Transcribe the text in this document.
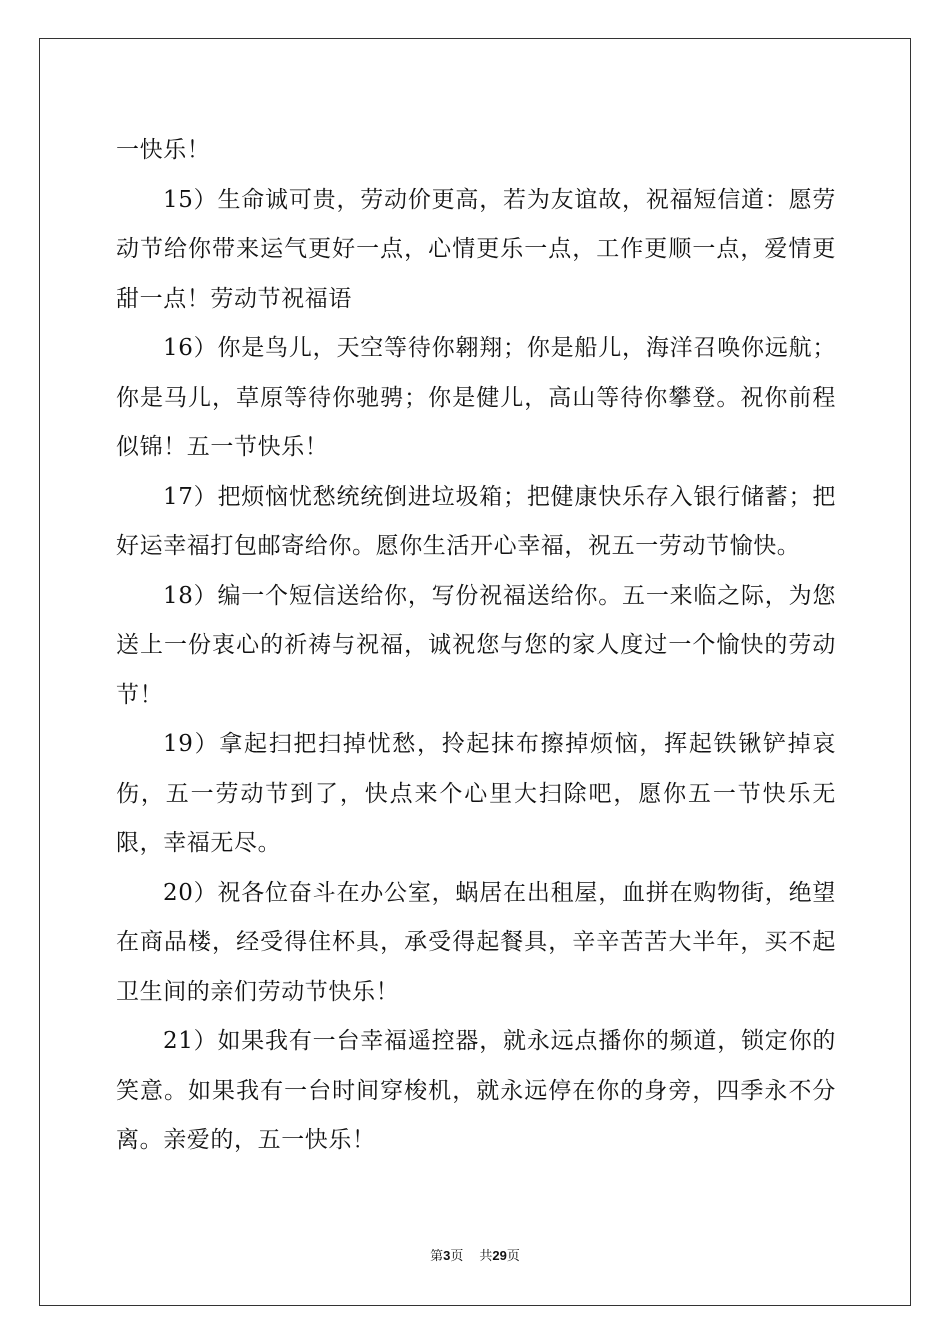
一快乐！

15）生命诚可贵，劳动价更高，若为友谊故，祝福短信道：愿劳动节给你带来运气更好一点，心情更乐一点，工作更顺一点，爱情更甜一点！劳动节祝福语

16）你是鸟儿，天空等待你翱翔；你是船儿，海洋召唤你远航；你是马儿，草原等待你驰骋；你是健儿，高山等待你攀登。祝你前程似锦！五一节快乐！

17）把烦恼忧愁统统倒进垃圾箱；把健康快乐存入银行储蓄；把好运幸福打包邮寄给你。愿你生活开心幸福，祝五一劳动节愉快。

18）编一个短信送给你，写份祝福送给你。五一来临之际，为您送上一份衷心的祈祷与祝福，诚祝您与您的家人度过一个愉快的劳动节！

19）拿起扫把扫掉忧愁，拎起抹布擦掉烦恼，挥起铁锹铲掉哀伤，五一劳动节到了，快点来个心里大扫除吧，愿你五一节快乐无限，幸福无尽。

20）祝各位奋斗在办公室，蜗居在出租屋，血拼在购物街，绝望在商品楼，经受得住杯具，承受得起餐具，辛辛苦苦大半年，买不起卫生间的亲们劳动节快乐！

21）如果我有一台幸福遥控器，就永远点播你的频道，锁定你的笑意。如果我有一台时间穿梭机，就永远停在你的身旁，四季永不分离。亲爱的，五一快乐！

第3页 共29页
